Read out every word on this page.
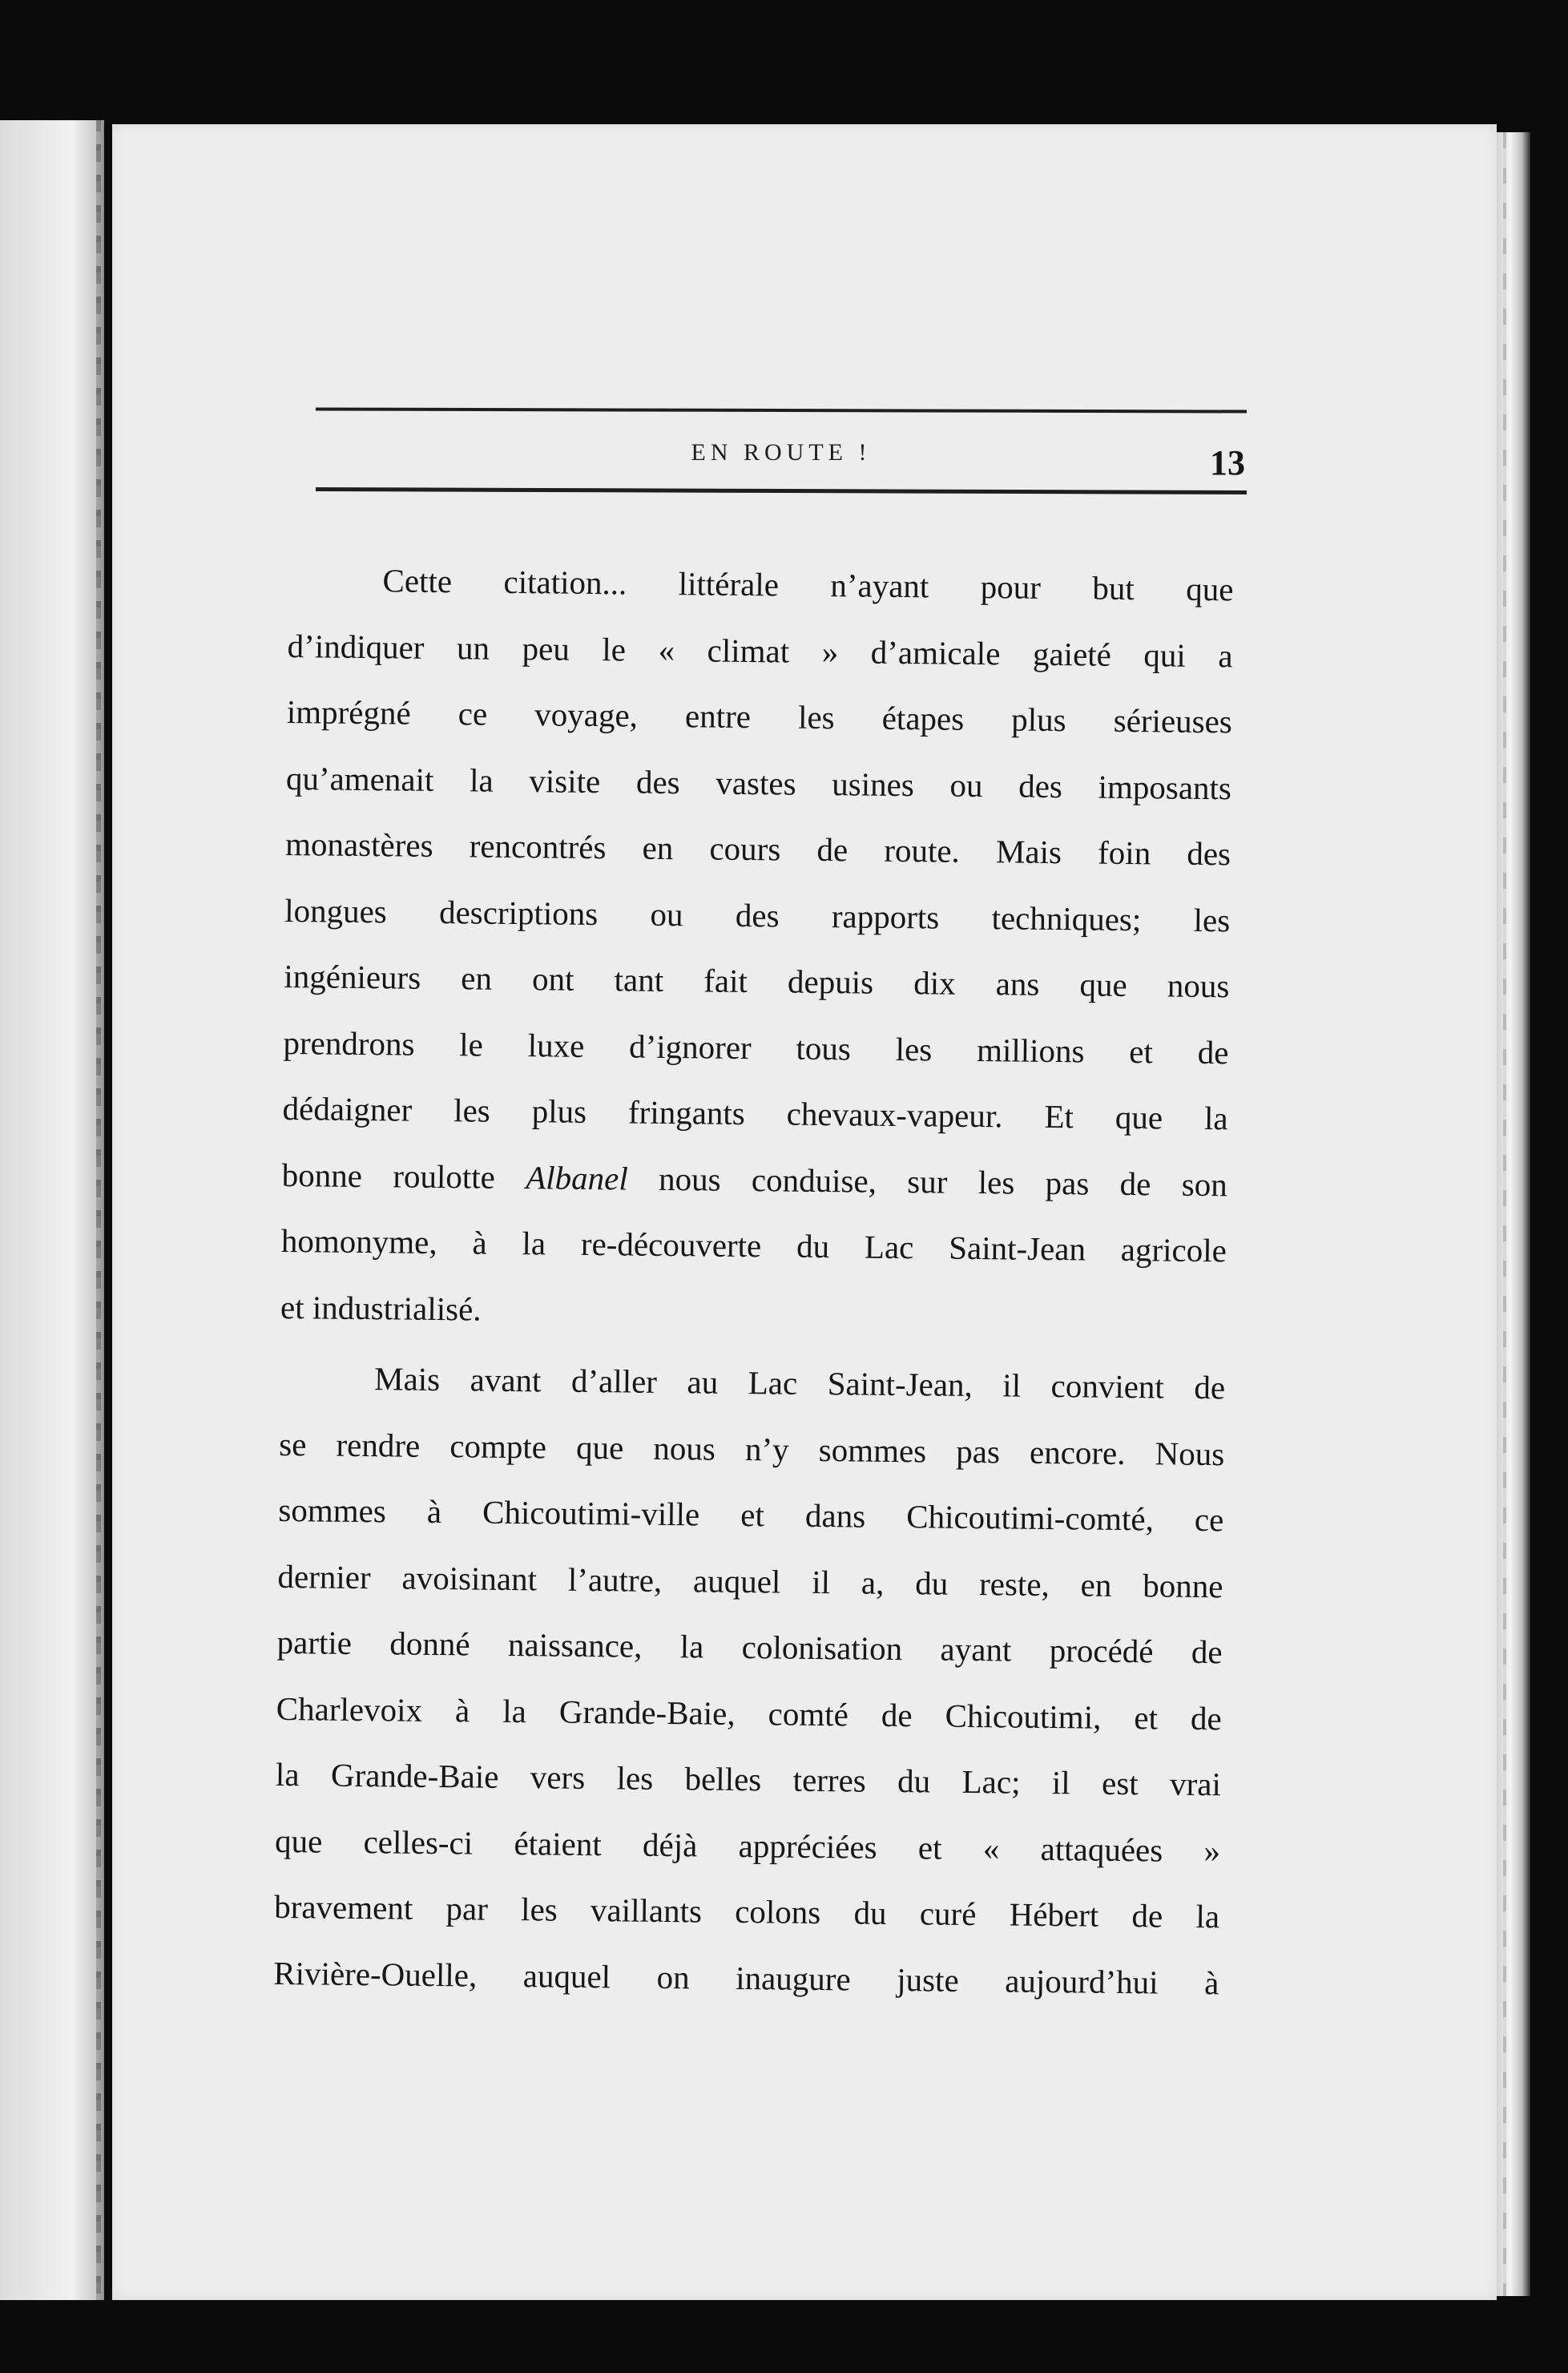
EN ROUTE !	13
Cette citation... littérale n’ayant pour but que
d’indiquer un peu le « climat » d’amicale gaieté qui a
imprégné ce voyage, entre les étapes plus sérieuses
qu’amenait la visite des vastes usines ou des imposants
monastères rencontrés en cours de route. Mais foin des
longues descriptions ou des rapports techniques; les
ingénieurs en ont tant fait depuis dix ans que nous
prendrons le luxe d’ignorer tous les millions et de
dédaigner les plus fringants chevaux-vapeur. Et que la
bonne roulotte Albanel nous conduise, sur les pas de son
homonyme, à la re-découverte du Lac Saint-Jean agricole
et industrialisé.
Mais avant d’aller au Lac Saint-Jean, il convient de
se rendre compte que nous n’y sommes pas encore. Nous
sommes à Chicoutimi-ville et dans Chicoutimi-comté, ce
dernier avoisinant l’autre, auquel il a, du reste, en bonne
partie donné naissance, la colonisation ayant procédé de
Charlevoix à la Grande-Baie, comté de Chicoutimi, et de
la Grande-Baie vers les belles terres du Lac; il est vrai
que celles-ci étaient déjà appréciées et « attaquées »
bravement par les vaillants colons du curé Hébert de la
Rivière-Ouelle, auquel on inaugure juste aujourd’hui à
